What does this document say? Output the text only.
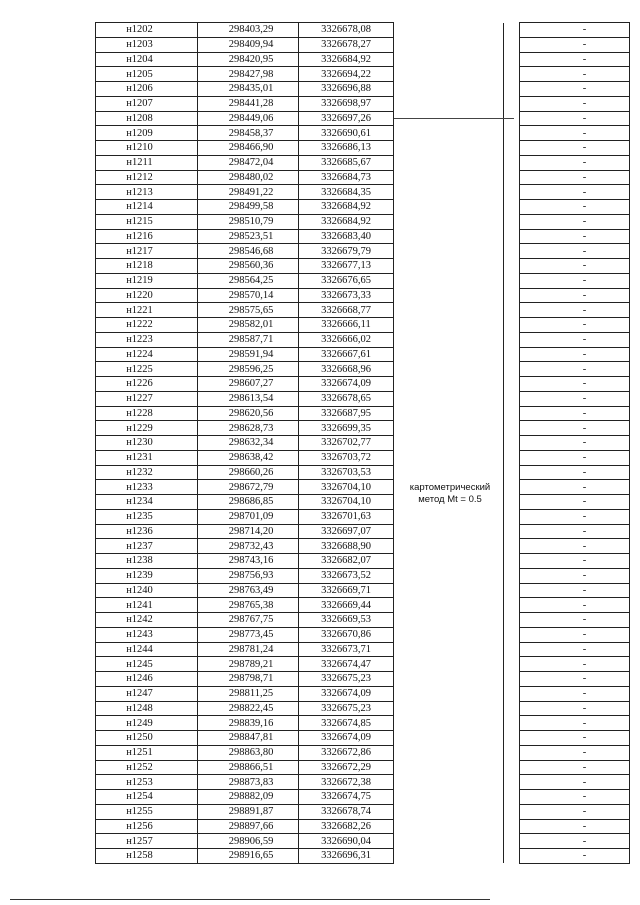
н1202	298403,29	3326678,08			-
н1203	298409,94	3326678,27			-
н1204	298420,95	3326684,92			-
н1205	298427,98	3326694,22			-
н1206	298435,01	3326696,88			-
н1207	298441,28	3326698,97			-
н1208	298449,06	3326697,26			-
н1209	298458,37	3326690,61			-
н1210	298466,90	3326686,13			-
н1211	298472,04	3326685,67			-
н1212	298480,02	3326684,73			-
н1213	298491,22	3326684,35			-
н1214	298499,58	3326684,92			-
н1215	298510,79	3326684,92			-
н1216	298523,51	3326683,40			-
н1217	298546,68	3326679,79			-
н1218	298560,36	3326677,13			-
н1219	298564,25	3326676,65			-
н1220	298570,14	3326673,33			-
н1221	298575,65	3326668,77			-
н1222	298582,01	3326666,11			-
н1223	298587,71	3326666,02			-
н1224	298591,94	3326667,61			-
н1225	298596,25	3326668,96			-
н1226	298607,27	3326674,09			-
н1227	298613,54	3326678,65			-
н1228	298620,56	3326687,95			-
н1229	298628,73	3326699,35			-
н1230	298632,34	3326702,77			-
н1231	298638,42	3326703,72			-
н1232	298660,26	3326703,53			-
н1233	298672,79	3326704,10			-
н1234	298686,85	3326704,10			-
н1235	298701,09	3326701,63			-
н1236	298714,20	3326697,07			-
н1237	298732,43	3326688,90			-
н1238	298743,16	3326682,07			-
н1239	298756,93	3326673,52			-
н1240	298763,49	3326669,71			-
н1241	298765,38	3326669,44			-
н1242	298767,75	3326669,53			-
н1243	298773,45	3326670,86			-
н1244	298781,24	3326673,71			-
н1245	298789,21	3326674,47			-
н1246	298798,71	3326675,23			-
н1247	298811,25	3326674,09			-
н1248	298822,45	3326675,23			-
н1249	298839,16	3326674,85			-
н1250	298847,81	3326674,09			-
н1251	298863,80	3326672,86			-
н1252	298866,51	3326672,29			-
н1253	298873,83	3326672,38			-
н1254	298882,09	3326674,75			-
н1255	298891,87	3326678,74			-
н1256	298897,66	3326682,26			-
н1257	298906,59	3326690,04			-
н1258	298916,65	3326696,31			-
картометрический
метод Mt = 0.5
